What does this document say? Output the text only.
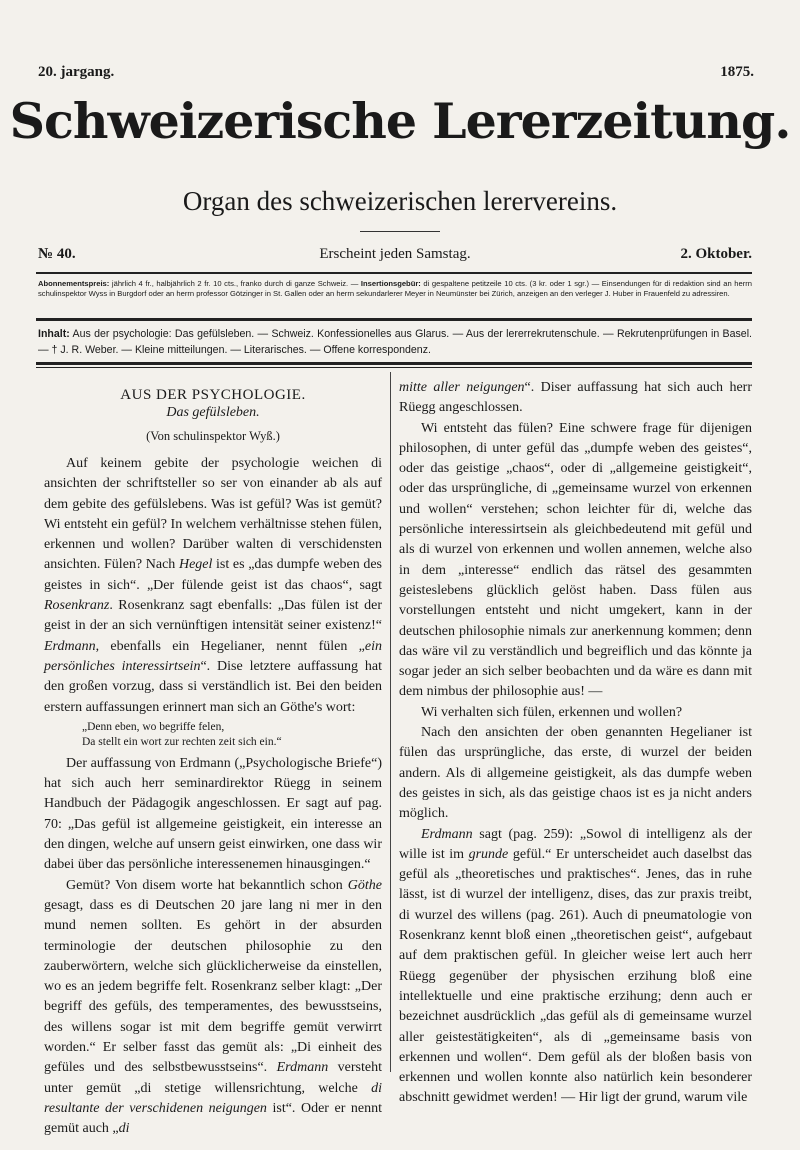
20. jargang.	1875.
Schweizerische Lererzeitung.
Organ des schweizerischen lerervereins.
№ 40.	Erscheint jeden Samstag.	2. Oktober.
Abonnementspreis: jährlich 4 fr., halbjährlich 2 fr. 10 cts., franko durch di ganze Schweiz. — Insertionsgebür: di gespaltene petitzeile 10 cts. (3 kr. oder 1 sgr.) — Einsendungen für di redaktion sind an herrn schulinspektor Wyss in Burgdorf oder an herrn professor Götzinger in St. Gallen oder an herrn sekundarlerer Meyer in Neumünster bei Zürich, anzeigen an den verleger J. Huber in Frauenfeld zu adressiren.
Inhalt: Aus der psychologie: Das gefülsleben. — Schweiz. Konfessionelles aus Glarus. — Aus der lererrekrutenschule. — Rekrutenprüfungen in Basel. — † J. R. Weber. — Kleine mitteilungen. — Literarisches. — Offene korrespondenz.
AUS DER PSYCHOLOGIE.
Das gefülsleben.
(Von schulinspektor Wyß.)

Auf keinem gebite der psychologie weichen di ansichten der schriftsteller so ser von einander ab als auf dem gebite des gefülslebens. Was ist gefül? Was ist gemüt? Wi entsteht ein gefül? In welchem verhältnisse stehen fülen, erkennen und wollen? Darüber walten di verschidensten ansichten. Fülen? Nach Hegel ist es „das dumpfe weben des geistes in sich“. „Der fülende geist ist das chaos“, sagt Rosenkranz. Rosenkranz sagt ebenfalls: „Das fülen ist der geist in der an sich vernünftigen intensität seiner existenz!“ Erdmann, ebenfalls ein Hegelianer, nennt fülen „ein persönliches interessirtsein“. Dise letztere auffassung hat den großen vorzug, dass si verständlich ist. Bei den beiden erstern auffassungen erinnert man sich an Göthe's wort:

„Denn eben, wo begriffe felen,
Da stellt ein wort zur rechten zeit sich ein.“

Der auffassung von Erdmann („Psychologische Briefe“) hat sich auch herr seminardirektor Rüegg in seinem Handbuch der Pädagogik angeschlossen. Er sagt auf pag. 70: „Das gefül ist allgemeine geistigkeit, ein interesse an den dingen, welche auf unsern geist einwirken, one dass wir dabei über das persönliche interessenemen hinausgingen.“

Gemüt? Von disem worte hat bekanntlich schon Göthe gesagt, dass es di Deutschen 20 jare lang ni mer in den mund nemen sollten. Es gehört in der absurden terminologie der deutschen philosophie zu den zauberwörtern, welche sich glücklicherweise da einstellen, wo es an jedem begriffe felt. Rosenkranz selber klagt: „Der begriff des gefüls, des temperamentes, des bewusstseins, des willens sogar ist mit dem begriffe gemüt verwirrt worden.“ Er selber fasst das gemüt als: „Di einheit des gefüles und des selbstbewusstseins“. Erdmann versteht unter gemüt „di stetige willensrichtung, welche di resultante der verschidenen neigungen ist“. Oder er nennt gemüt auch „di

mitte aller neigungen“. Diser auffassung hat sich auch herr Rüegg angeschlossen.

Wi entsteht das fülen? Eine schwere frage für dijenigen philosophen, di unter gefül das „dumpfe weben des geistes“, oder das geistige „chaos“, oder di „allgemeine geistigkeit“, oder das ursprüngliche, di „gemeinsame wurzel von erkennen und wollen“ verstehen; schon leichter für di, welche das persönliche interessirtsein als gleichbedeutend mit gefül und als di wurzel von erkennen und wollen annemen, welche also in dem „interesse“ endlich das rätsel des gesammten geisteslebens glücklich gelöst haben. Dass fülen aus vorstellungen entsteht und nicht umgekert, kann in der deutschen philosophie nimals zur anerkennung kommen; denn das wäre vil zu verständlich und begreiflich und das könnte ja sogar jeder an sich selber beobachten und da wäre es dann mit dem nimbus der philosophie aus! —

Wi verhalten sich fülen, erkennen und wollen?

Nach den ansichten der oben genannten Hegelianer ist fülen das ursprüngliche, das erste, di wurzel der beiden andern. Als di allgemeine geistigkeit, als das dumpfe weben des geistes in sich, als das geistige chaos ist es ja nicht anders möglich.

Erdmann sagt (pag. 259): „Sowol di intelligenz als der wille ist im grunde gefül.“ Er unterscheidet auch daselbst das gefül als „theoretisches und praktisches“. Jenes, das in ruhe lässt, ist di wurzel der intelligenz, dises, das zur praxis treibt, di wurzel des willens (pag. 261). Auch di pneumatologie von Rosenkranz kennt bloß einen „theoretischen geist“, aufgebaut auf dem praktischen gefül. In gleicher weise lert auch herr Rüegg gegenüber der physischen erzihung bloß eine intellektuelle und eine praktische erzihung; denn auch er bezeichnet ausdrücklich „das gefül als di gemeinsame wurzel aller geistestätigkeiten“, als di „gemeinsame basis von erkennen und wollen“. Dem gefül als der bloßen basis von erkennen und wollen konnte also natürlich kein besonderer abschnitt gewidmet werden! — Hir ligt der grund, warum vile
